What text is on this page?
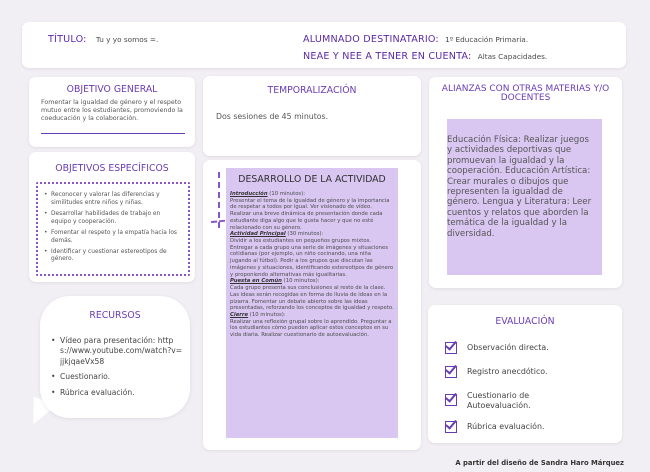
TÍTULO: Tu y yo somos =.	ALUMNADO DESTINATARIO: 1º Educación Primaria.
NEAE Y NEE A TENER EN CUENTA: Altas Capacidades.
OBJETIVO GENERAL
Fomentar la igualdad de género y el respeto mutuo entre los estudiantes, promoviendo la coeducación y la colaboración.
OBJETIVOS ESPECÍFICOS
• Reconocer y valorar las diferencias y similitudes entre niños y niñas.
• Desarrollar habilidades de trabajo en equipo y cooperación.
• Fomentar el respeto y la empatía hacia los demás.
• Identificar y cuestionar estereotipos de género.
RECURSOS
• Vídeo para presentación: https://www.youtube.com/watch?v=jjkjqaeVx58
• Cuestionario.
• Rúbrica evaluación.
TEMPORALIZACIÓN
Dos sesiones de 45 minutos.
DESARROLLO DE LA ACTIVIDAD
Introducción (10 minutos):
Presentar el tema de la igualdad de género y la importancia de respetar a todos por igual. Ver visionado de vídeo. Realizar una breve dinámica de presentación donde cada estudiante diga algo que le gusta hacer y que no esté relacionado con su género.
Actividad Principal (30 minutos):
Dividir a los estudiantes en pequeños grupos mixtos. Entregar a cada grupo una serie de imágenes y situaciones cotidianas (por ejemplo, un niño cocinando, una niña jugando al fútbol). Pedir a los grupos que discutan las imágenes y situaciones, identificando estereotipos de género y proponiendo alternativas más igualitarias.
Puesta en Común (10 minutos):
Cada grupo presenta sus conclusiones al resto de la clase. Las ideas serán recogidas en forma de lluvia de ideas en la pizarra. Fomentar un debate abierto sobre las ideas presentadas, reforzando los conceptos de igualdad y respeto.
Cierre (10 minutos):
Realizar una reflexión grupal sobre lo aprendido. Preguntar a los estudiantes cómo pueden aplicar estos conceptos en su vida diaria. Realizar cuestionario de autoevaluación.
ALIANZAS CON OTRAS MATERIAS Y/O DOCENTES

Educación Física: Realizar juegos y actividades deportivas que promuevan la igualdad y la cooperación. Educación Artística: Crear murales o dibujos que representen la igualdad de género. Lengua y Literatura: Leer cuentos y relatos que aborden la temática de la igualdad y la diversidad.

EVALUACIÓN
Observación directa.
Registro anecdótico.
Cuestionario de Autoevaluación.
Rúbrica evaluación.
A partir del diseño de Sandra Haro Márquez
